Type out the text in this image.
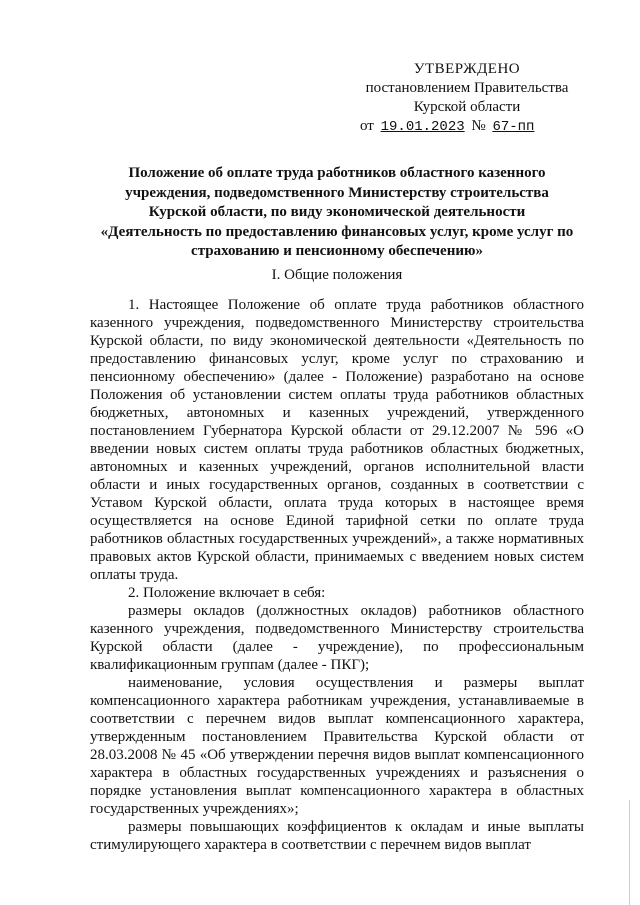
УТВЕРЖДЕНО
постановлением Правительства
Курской области
от 19.01.2023 № 67-пп
Положение об оплате труда работников областного казенного
учреждения, подведомственного Министерству строительства
Курской области, по виду экономической деятельности
«Деятельность по предоставлению финансовых услуг, кроме услуг по
страхованию и пенсионному обеспечению»
I. Общие положения

1. Настоящее Положение об оплате труда работников областного казенного учреждения, подведомственного Министерству строительства Курской области, по виду экономической деятельности «Деятельность по предоставлению финансовых услуг, кроме услуг по страхованию и пенсионному обеспечению» (далее - Положение) разработано на основе Положения об установлении систем оплаты труда работников областных бюджетных, автономных и казенных учреждений, утвержденного постановлением Губернатора Курской области от 29.12.2007 № 596 «О введении новых систем оплаты труда работников областных бюджетных, автономных и казенных учреждений, органов исполнительной власти области и иных государственных органов, созданных в соответствии с Уставом Курской области, оплата труда которых в настоящее время осуществляется на основе Единой тарифной сетки по оплате труда работников областных государственных учреждений», а также нормативных правовых актов Курской области, принимаемых с введением новых систем оплаты труда.

2. Положение включает в себя:

размеры окладов (должностных окладов) работников областного казенного учреждения, подведомственного Министерству строительства Курской области (далее - учреждение), по профессиональным квалификационным группам (далее - ПКГ);

наименование, условия осуществления и размеры выплат компенсационного характера работникам учреждения, устанавливаемые в соответствии с перечнем видов выплат компенсационного характера, утвержденным постановлением Правительства Курской области от 28.03.2008 № 45 «Об утверждении перечня видов выплат компенсационного характера в областных государственных учреждениях и разъяснения о порядке установления выплат компенсационного характера в областных государственных учреждениях»;

размеры повышающих коэффициентов к окладам и иные выплаты стимулирующего характера в соответствии с перечнем видов выплат
